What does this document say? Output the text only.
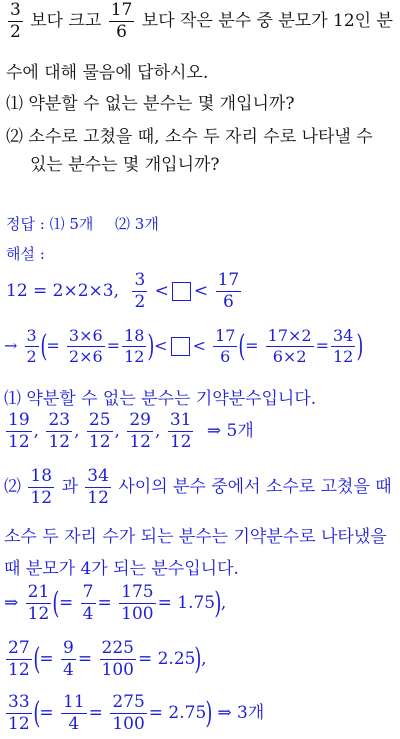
$\frac{3}{2}$ 보다 크고 $\frac{17}{6}$ 보다 작은 분수 중 분모가 12인 분
수에 대해 물음에 답하시오.
⑴ 약분할 수 없는 분수는 몇 개입니까?
⑵ 소수로 고쳤을 때, 소수 두 자리 수로 나타낼 수
있는 분수는 몇 개입니까?
정답 : ⑴ 5개 ⑵ 3개
해설 :
12 = 2×2×3, $\frac{3}{2}$ < < $\frac{17}{6}$
→ $\frac{3}{2}$ (= $\frac{3\times 6}{2\times 6} = \frac{18}{12}$ )< < $\frac{17}{6}$ (= $\frac{17\times 2}{6\times 2} = \frac{34}{12}$ )
⑴ 약분할 수 없는 분수는 기약분수입니다.
$\frac{19}{12}$ , $\frac{23}{12}$ , $\frac{25}{12}$ , $\frac{29}{12}$ , $\frac{31}{12}$ ⇒ 5개
⑵ $\frac{18}{12}$ 과 $\frac{34}{12}$ 사이의 분수 중에서 소수로 고쳤을 때
소수 두 자리 수가 되는 분수는 기약분수로 나타냈을
때 분모가 4가 되는 분수입니다.
⇒ $\frac{21}{12}$ (= $\frac{7}{4} = \frac{175}{100} = 1.75$),
$\frac{27}{12}$ (= $\frac{9}{4} = \frac{225}{100} = 2.25$),
$\frac{33}{12}$ (= $\frac{11}{4} = \frac{275}{100} = 2.75$) ⇒ 3개
